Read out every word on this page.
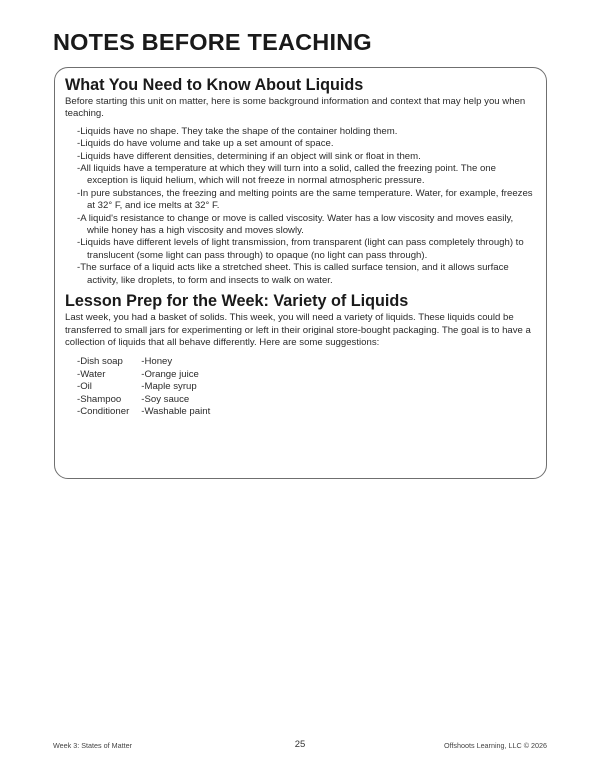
NOTES BEFORE TEACHING
What You Need to Know About Liquids

Before starting this unit on matter, here is some background information and context that may help you when teaching.

-Liquids have no shape. They take the shape of the container holding them.
-Liquids do have volume and take up a set amount of space.
-Liquids have different densities, determining if an object will sink or float in them.
-All liquids have a temperature at which they will turn into a solid, called the freezing point. The one exception is liquid helium, which will not freeze in normal atmospheric pressure.
-In pure substances, the freezing and melting points are the same temperature. Water, for example, freezes at 32° F, and ice melts at 32° F.
-A liquid's resistance to change or move is called viscosity. Water has a low viscosity and moves easily, while honey has a high viscosity and moves slowly.
-Liquids have different levels of light transmission, from transparent (light can pass completely through) to translucent (some light can pass through) to opaque (no light can pass through).
-The surface of a liquid acts like a stretched sheet. This is called surface tension, and it allows surface activity, like droplets, to form and insects to walk on water.
Lesson Prep for the Week: Variety of Liquids

Last week, you had a basket of solids. This week, you will need a variety of liquids. These liquids could be transferred to small jars for experimenting or left in their original store-bought packaging. The goal is to have a collection of liquids that all behave differently. Here are some suggestions:

-Dish soap
-Water
-Oil
-Shampoo
-Conditioner
-Honey
-Orange juice
-Maple syrup
-Soy sauce
-Washable paint
Week 3: States of Matter	25	Offshoots Learning, LLC © 2026
